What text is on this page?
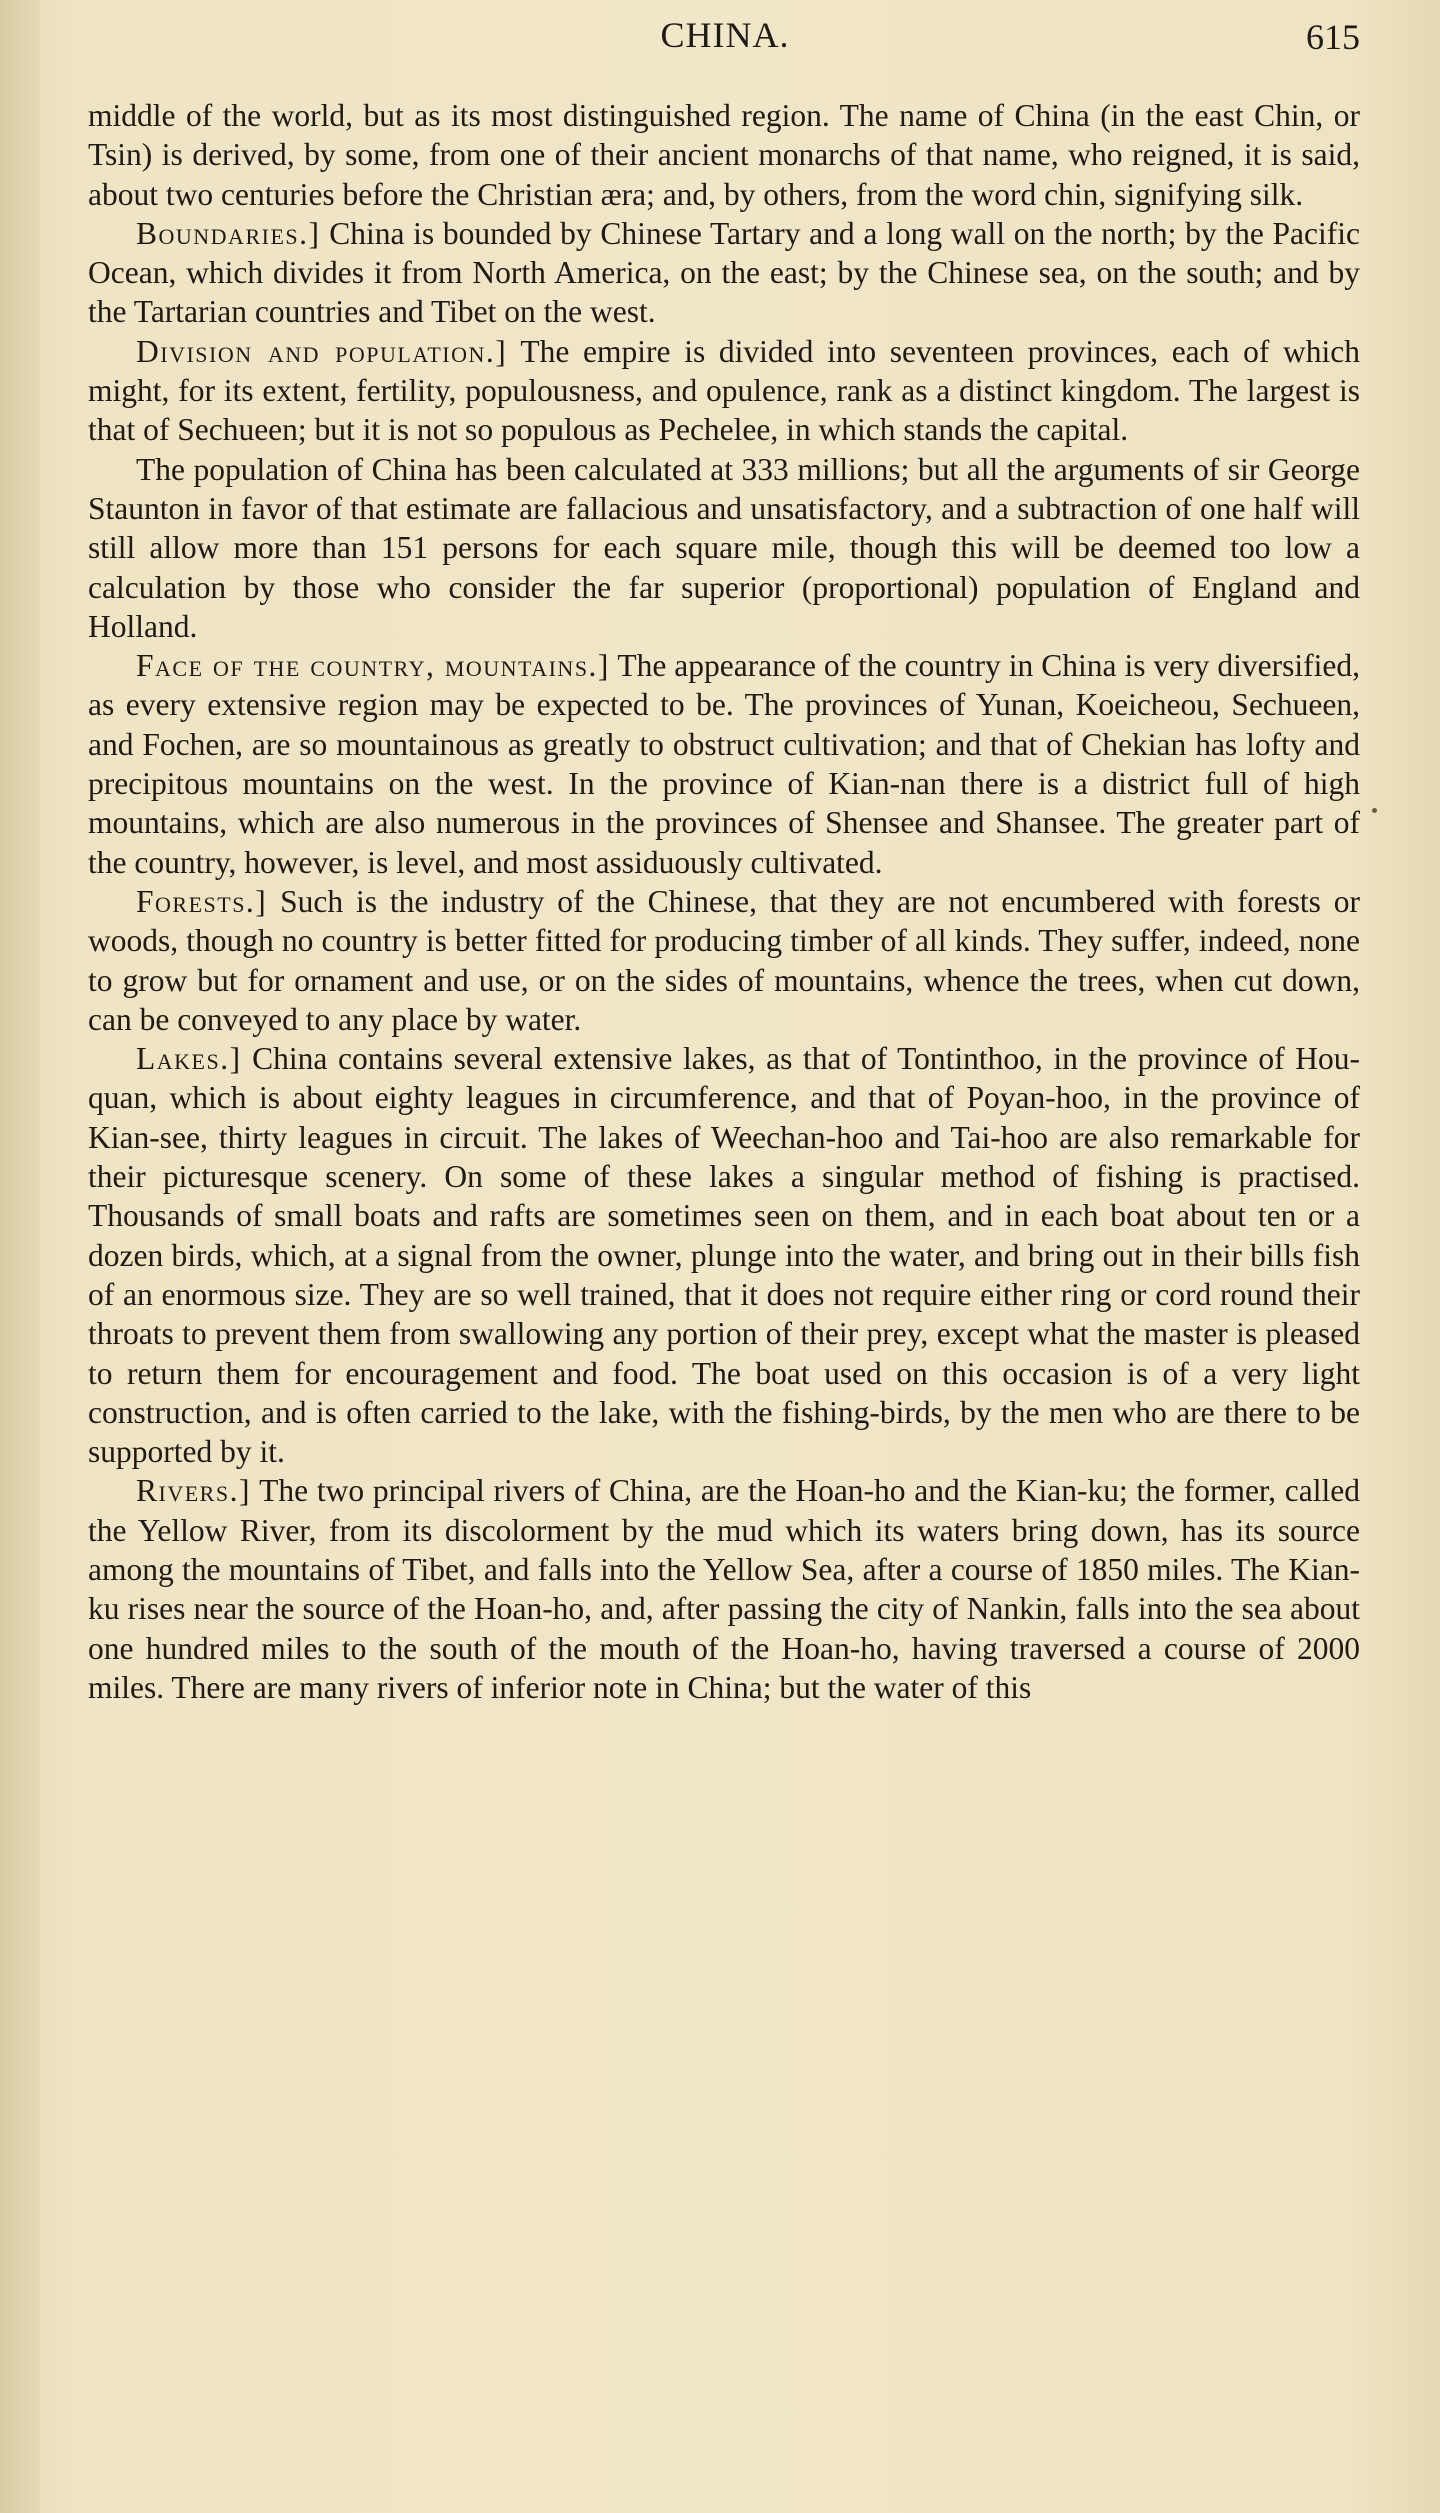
CHINA.	615

middle of the world, but as its most distinguished region. The name of China (in the east Chin, or Tsin) is derived, by some, from one of their ancient monarchs of that name, who reigned, it is said, about two centuries before the Christian æra; and, by others, from the word chin, signifying silk.

Boundaries.] China is bounded by Chinese Tartary and a long wall on the north; by the Pacific Ocean, which divides it from North America, on the east; by the Chinese sea, on the south; and by the Tartarian countries and Tibet on the west.

Division and population.] The empire is divided into seventeen provinces, each of which might, for its extent, fertility, populousness, and opulence, rank as a distinct kingdom. The largest is that of Sechueen; but it is not so populous as Pechelee, in which stands the capital.

The population of China has been calculated at 333 millions; but all the arguments of sir George Staunton in favor of that estimate are fallacious and unsatisfactory, and a subtraction of one half will still allow more than 151 persons for each square mile, though this will be deemed too low a calculation by those who consider the far superior (proportional) population of England and Holland.

Face of the country, mountains.] The appearance of the country in China is very diversified, as every extensive region may be expected to be. The provinces of Yunan, Koeicheou, Sechueen, and Fochen, are so mountainous as greatly to obstruct cultivation; and that of Chekian has lofty and precipitous mountains on the west. In the province of Kian-nan there is a district full of high mountains, which are also numerous in the provinces of Shensee and Shansee. The greater part of the country, however, is level, and most assiduously cultivated.

Forests.] Such is the industry of the Chinese, that they are not encumbered with forests or woods, though no country is better fitted for producing timber of all kinds. They suffer, indeed, none to grow but for ornament and use, or on the sides of mountains, whence the trees, when cut down, can be conveyed to any place by water.

Lakes.] China contains several extensive lakes, as that of Tontinthoo, in the province of Hou-quan, which is about eighty leagues in circumference, and that of Poyan-hoo, in the province of Kian-see, thirty leagues in circuit. The lakes of Weechan-hoo and Tai-hoo are also remarkable for their picturesque scenery. On some of these lakes a singular method of fishing is practised. Thousands of small boats and rafts are sometimes seen on them, and in each boat about ten or a dozen birds, which, at a signal from the owner, plunge into the water, and bring out in their bills fish of an enormous size. They are so well trained, that it does not require either ring or cord round their throats to prevent them from swallowing any portion of their prey, except what the master is pleased to return them for encouragement and food. The boat used on this occasion is of a very light construction, and is often carried to the lake, with the fishing-birds, by the men who are there to be supported by it.

Rivers.] The two principal rivers of China, are the Hoan-ho and the Kian-ku; the former, called the Yellow River, from its discolorment by the mud which its waters bring down, has its source among the mountains of Tibet, and falls into the Yellow Sea, after a course of 1850 miles. The Kian-ku rises near the source of the Hoan-ho, and, after passing the city of Nankin, falls into the sea about one hundred miles to the south of the mouth of the Hoan-ho, having traversed a course of 2000 miles. There are many rivers of inferior note in China; but the water of this
